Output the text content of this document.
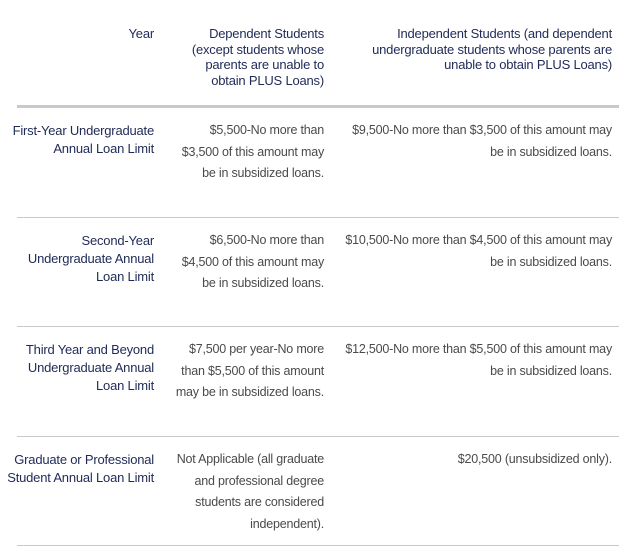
Year	Dependent Students (except students whose parents are unable to obtain PLUS Loans)
Independent Students (and dependent undergraduate students whose parents are unable to obtain PLUS Loans)
First-Year Undergraduate Annual Loan Limit
$5,500-No more than $3,500 of this amount may be in subsidized loans.
$9,500-No more than $3,500 of this amount may be in subsidized loans.
Second-Year Undergraduate Annual Loan Limit
$6,500-No more than $4,500 of this amount may be in subsidized loans.
$10,500-No more than $4,500 of this amount may be in subsidized loans.
Third Year and Beyond Undergraduate Annual Loan Limit
$7,500 per year-No more than $5,500 of this amount may be in subsidized loans.
$12,500-No more than $5,500 of this amount may be in subsidized loans.
Graduate or Professional Student Annual Loan Limit
Not Applicable (all graduate and professional degree students are considered independent).
$20,500 (unsubsidized only).
